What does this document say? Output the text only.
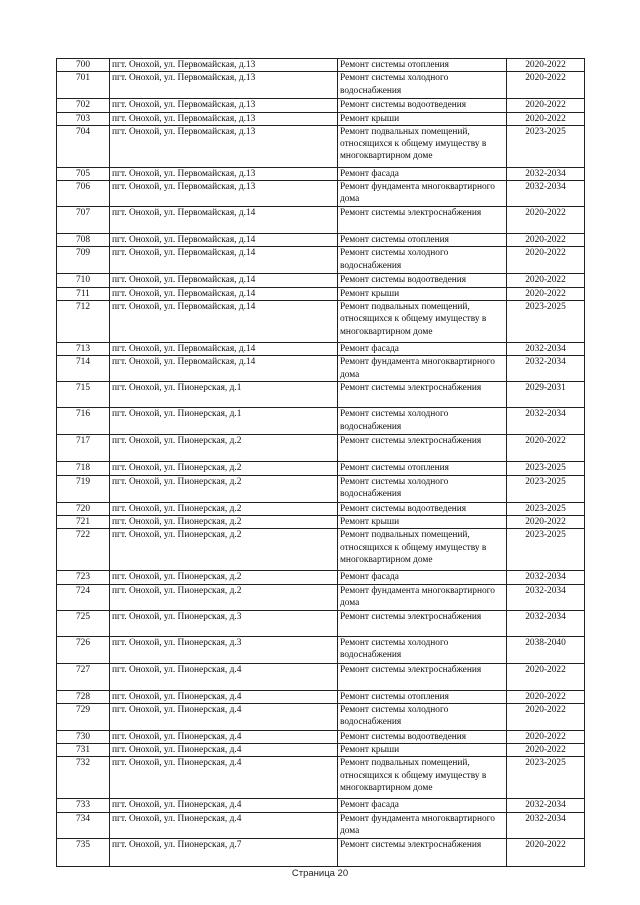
700	пгт. Онохой, ул. Первомайская, д.13	Ремонт системы отопления	2020-2022
701	пгт. Онохой, ул. Первомайская, д.13	Ремонт системы холодного водоснабжения	2020-2022
702	пгт. Онохой, ул. Первомайская, д.13	Ремонт системы водоотведения	2020-2022
703	пгт. Онохой, ул. Первомайская, д.13	Ремонт крыши	2020-2022
704	пгт. Онохой, ул. Первомайская, д.13	Ремонт подвальных помещений, относящихся к общему имуществу в многоквартирном доме	2023-2025
705	пгт. Онохой, ул. Первомайская, д.13	Ремонт фасада	2032-2034
706	пгт. Онохой, ул. Первомайская, д.13	Ремонт фундамента многоквартирного дома	2032-2034
707	пгт. Онохой, ул. Первомайская, д.14	Ремонт системы электроснабжения	2020-2022
708	пгт. Онохой, ул. Первомайская, д.14	Ремонт системы отопления	2020-2022
709	пгт. Онохой, ул. Первомайская, д.14	Ремонт системы холодного водоснабжения	2020-2022
710	пгт. Онохой, ул. Первомайская, д.14	Ремонт системы водоотведения	2020-2022
711	пгт. Онохой, ул. Первомайская, д.14	Ремонт крыши	2020-2022
712	пгт. Онохой, ул. Первомайская, д.14	Ремонт подвальных помещений, относящихся к общему имуществу в многоквартирном доме	2023-2025
713	пгт. Онохой, ул. Первомайская, д.14	Ремонт фасада	2032-2034
714	пгт. Онохой, ул. Первомайская, д.14	Ремонт фундамента многоквартирного дома	2032-2034
715	пгт. Онохой, ул. Пионерская, д.1	Ремонт системы электроснабжения	2029-2031
716	пгт. Онохой, ул. Пионерская, д.1	Ремонт системы холодного водоснабжения	2032-2034
717	пгт. Онохой, ул. Пионерская, д.2	Ремонт системы электроснабжения	2020-2022
718	пгт. Онохой, ул. Пионерская, д.2	Ремонт системы отопления	2023-2025
719	пгт. Онохой, ул. Пионерская, д.2	Ремонт системы холодного водоснабжения	2023-2025
720	пгт. Онохой, ул. Пионерская, д.2	Ремонт системы водоотведения	2023-2025
721	пгт. Онохой, ул. Пионерская, д.2	Ремонт крыши	2020-2022
722	пгт. Онохой, ул. Пионерская, д.2	Ремонт подвальных помещений, относящихся к общему имуществу в многоквартирном доме	2023-2025
723	пгт. Онохой, ул. Пионерская, д.2	Ремонт фасада	2032-2034
724	пгт. Онохой, ул. Пионерская, д.2	Ремонт фундамента многоквартирного дома	2032-2034
725	пгт. Онохой, ул. Пионерская, д.3	Ремонт системы электроснабжения	2032-2034
726	пгт. Онохой, ул. Пионерская, д.3	Ремонт системы холодного водоснабжения	2038-2040
727	пгт. Онохой, ул. Пионерская, д.4	Ремонт системы электроснабжения	2020-2022
728	пгт. Онохой, ул. Пионерская, д.4	Ремонт системы отопления	2020-2022
729	пгт. Онохой, ул. Пионерская, д.4	Ремонт системы холодного водоснабжения	2020-2022
730	пгт. Онохой, ул. Пионерская, д.4	Ремонт системы водоотведения	2020-2022
731	пгт. Онохой, ул. Пионерская, д.4	Ремонт крыши	2020-2022
732	пгт. Онохой, ул. Пионерская, д.4	Ремонт подвальных помещений, относящихся к общему имуществу в многоквартирном доме	2023-2025
733	пгт. Онохой, ул. Пионерская, д.4	Ремонт фасада	2032-2034
734	пгт. Онохой, ул. Пионерская, д.4	Ремонт фундамента многоквартирного дома	2032-2034
735	пгт. Онохой, ул. Пионерская, д.7	Ремонт системы электроснабжения	2020-2022
Страница 20
